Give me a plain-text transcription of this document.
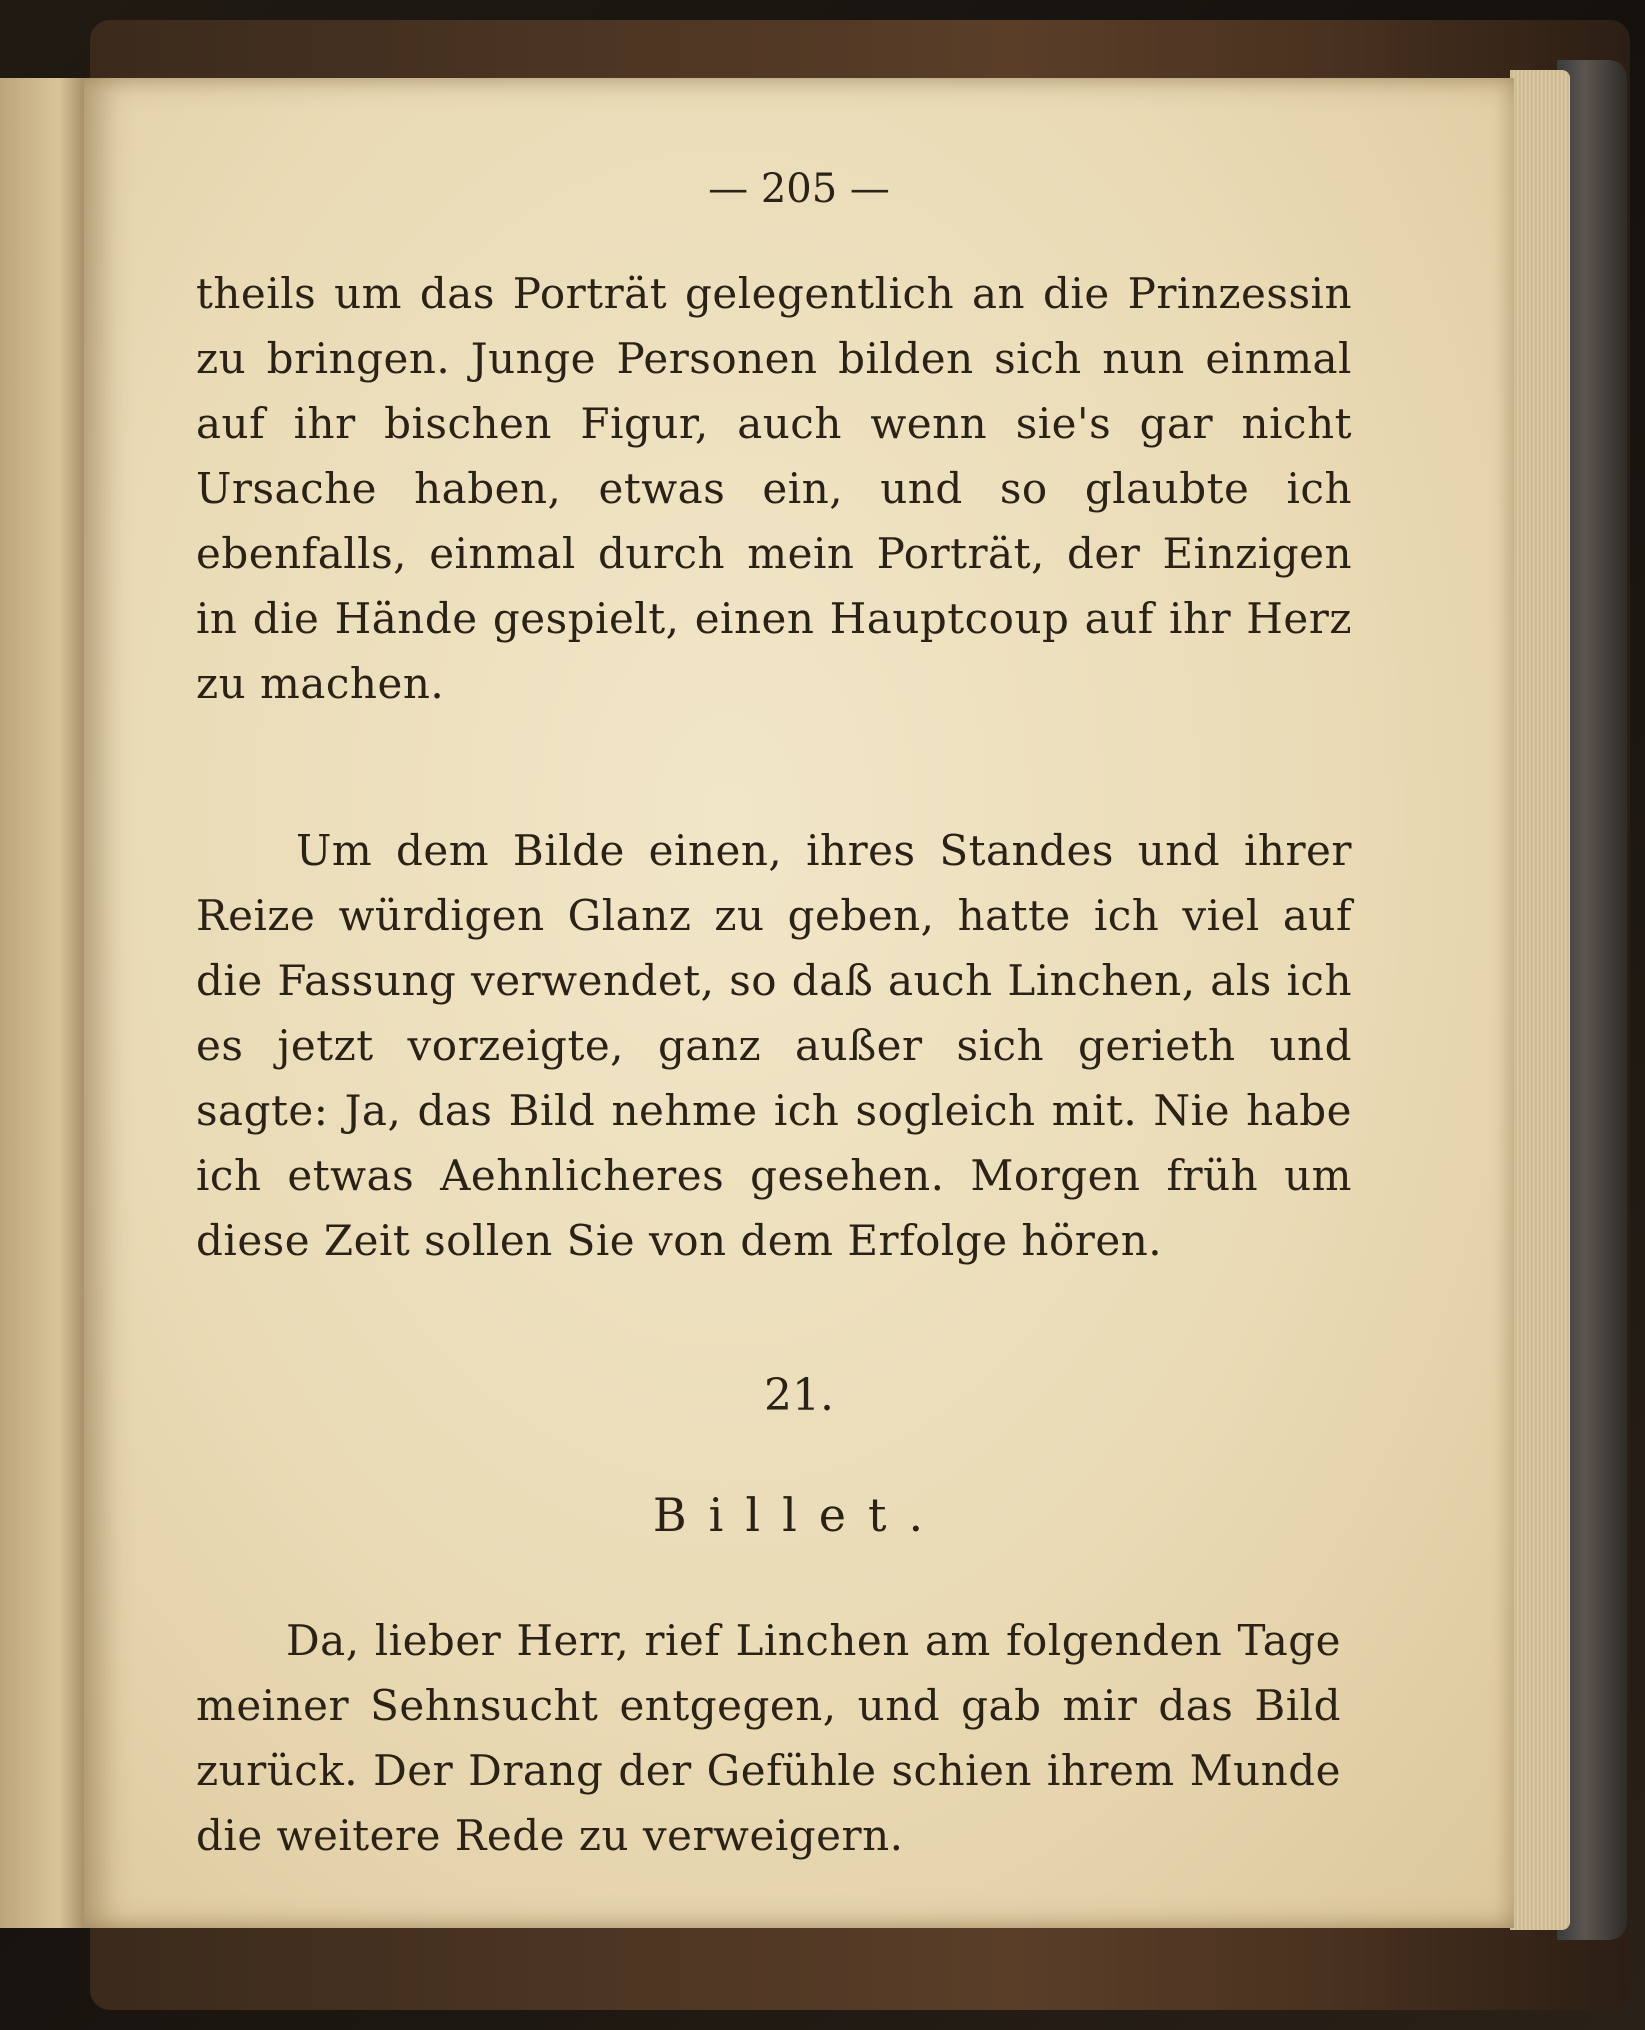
— 205 —
theils um das Porträt gelegentlich an die Prinzessin zu bringen. Junge Personen bilden sich nun einmal auf ihr bischen Figur, auch wenn sie's gar nicht Ursache haben, etwas ein, und so glaubte ich ebenfalls, einmal durch mein Porträt, der Einzigen in die Hände gespielt, einen Hauptcoup auf ihr Herz zu machen.
Um dem Bilde einen, ihres Standes und ihrer Reize würdigen Glanz zu geben, hatte ich viel auf die Fassung verwendet, so daß auch Linchen, als ich es jetzt vorzeigte, ganz außer sich gerieth und sagte: Ja, das Bild nehme ich sogleich mit. Nie habe ich etwas Aehnlicheres gesehen. Morgen früh um diese Zeit sollen Sie von dem Erfolge hören.
21.
Billet.
Da, lieber Herr, rief Linchen am folgenden Tage meiner Sehnsucht entgegen, und gab mir das Bild zurück. Der Drang der Gefühle schien ihrem Munde die weitere Rede zu verweigern.
